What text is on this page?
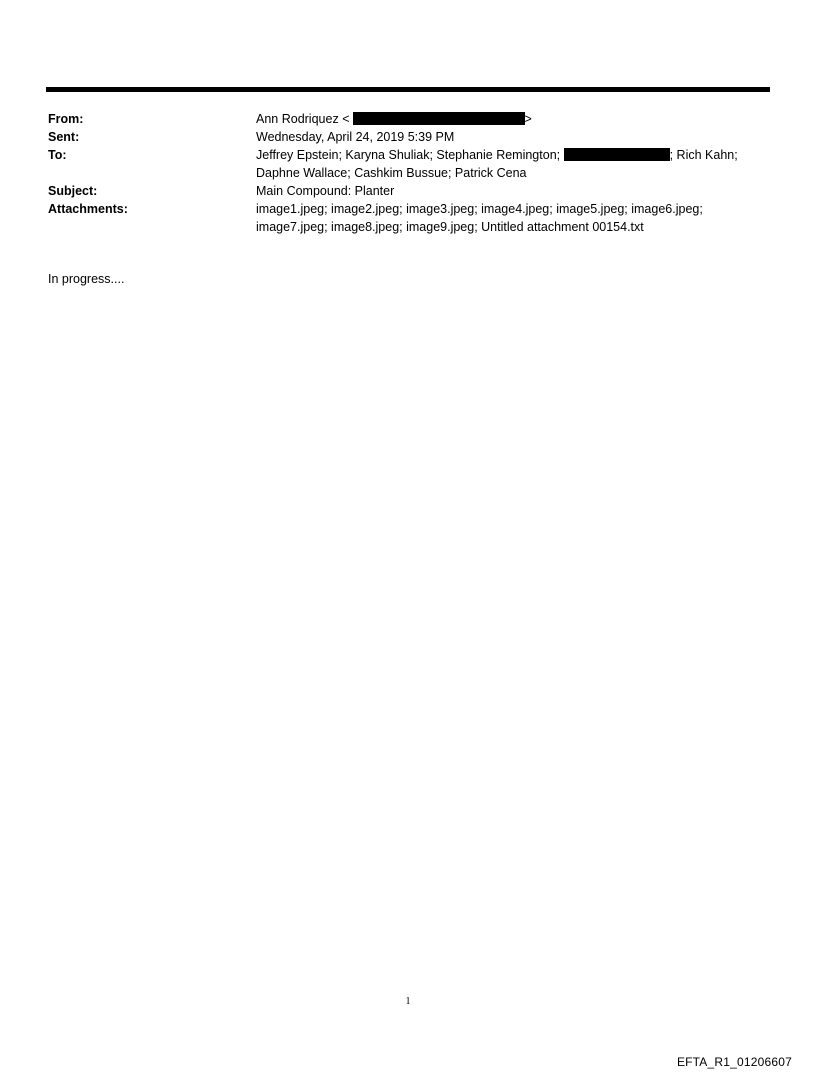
From:	Ann Rodriquez <	>
Sent:	Wednesday, April 24, 2019 5:39 PM
To:	Jeffrey Epstein; Karyna Shuliak; Stephanie Remington;	; Rich Kahn;
Daphne Wallace; Cashkim Bussue; Patrick Cena
Subject:	Main Compound: Planter
Attachments:	image1.jpeg; image2.jpeg; image3.jpeg; image4.jpeg; image5.jpeg; image6.jpeg;
image7.jpeg; image8.jpeg; image9.jpeg; Untitled attachment 00154.txt
In progress....
1
EFTA_R1_01206607
